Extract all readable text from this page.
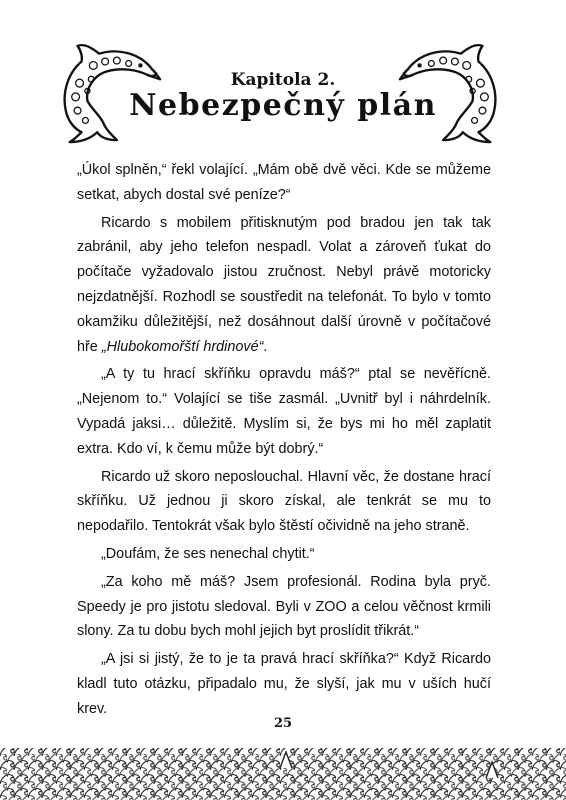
Kapitola 2.
Nebezpečný plán

„Úkol splněn,“ řekl volající. „Mám obě dvě věci. Kde se můžeme setkat, abych dostal své peníze?“

Ricardo s mobilem přitisknutým pod bradou jen tak tak zabránil, aby jeho telefon nespadl. Volat a zároveň ťukat do počítače vyžadovalo jistou zručnost. Nebyl právě motoricky nejzdatnější. Rozhodl se soustředit na telefonát. To bylo v tomto okamžiku důležitější, než dosáhnout další úrovně v počítačové hře „Hlubokomořští hrdinové“.

„A ty tu hrací skříňku opravdu máš?“ ptal se nevěřícně. „Nejenom to.“ Volající se tiše zasmál. „Uvnitř byl i náhrdelník. Vypadá jaksi… důležitě. Myslím si, že bys mi ho měl zaplatit extra. Kdo ví, k čemu může být dobrý.“

Ricardo už skoro neposlouchal. Hlavní věc, že dostane hrací skříňku. Už jednou ji skoro získal, ale tenkrát se mu to nepodařilo. Tentokrát však bylo štěstí očividně na jeho straně.

„Doufám, že ses nenechal chytit.“

„Za koho mě máš? Jsem profesionál. Rodina byla pryč. Speedy je pro jistotu sledoval. Byli v ZOO a celou věčnost krmili slony. Za tu dobu bych mohl jejich byt proslídit třikrát.“

„A jsi si jistý, že to je ta pravá hrací skříňka?“ Když Ricardo kladl tuto otázku, připadalo mu, že slyší, jak mu v uších hučí krev.

25
